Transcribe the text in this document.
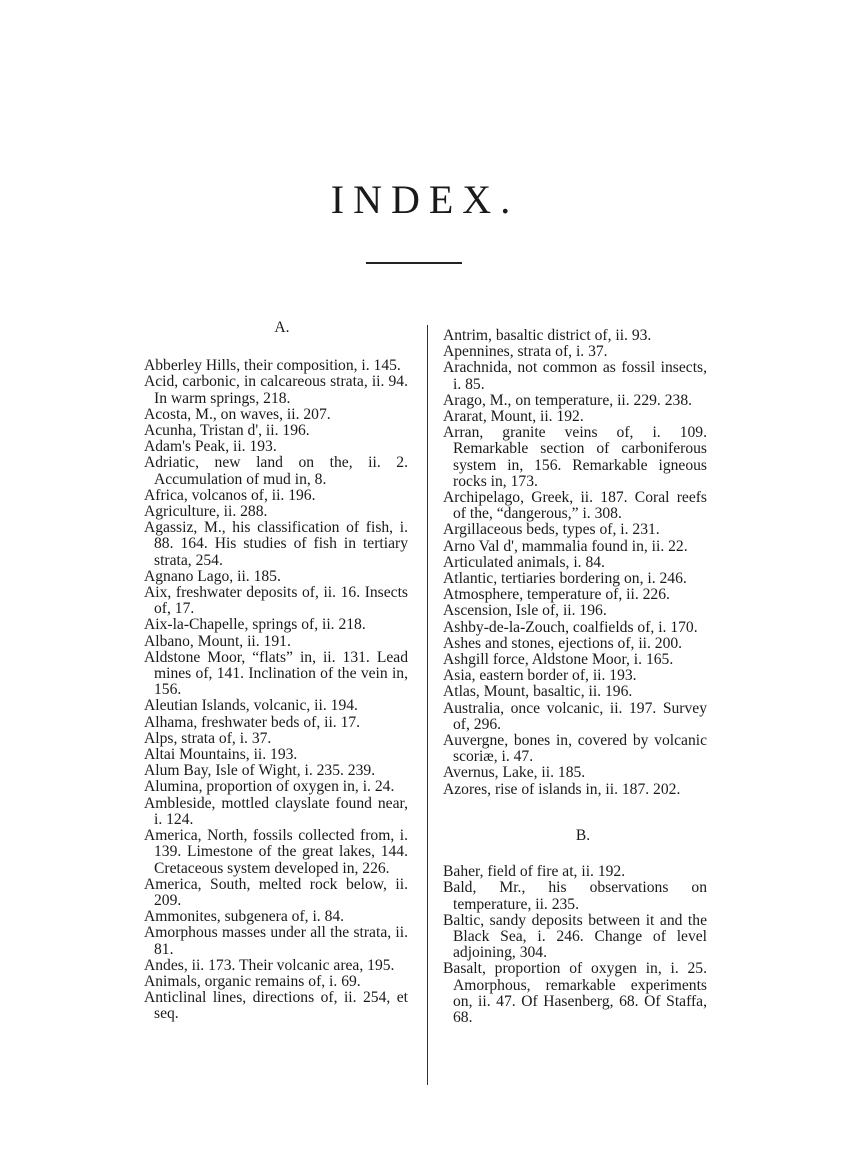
INDEX.
A.
Abberley Hills, their composition, i. 145.
Acid, carbonic, in calcareous strata, ii. 94. In warm springs, 218.
Acosta, M., on waves, ii. 207.
Acunha, Tristan d', ii. 196.
Adam's Peak, ii. 193.
Adriatic, new land on the, ii. 2. Accumulation of mud in, 8.
Africa, volcanos of, ii. 196.
Agriculture, ii. 288.
Agassiz, M., his classification of fish, i. 88. 164. His studies of fish in tertiary strata, 254.
Agnano Lago, ii. 185.
Aix, freshwater deposits of, ii. 16. Insects of, 17.
Aix-la-Chapelle, springs of, ii. 218.
Albano, Mount, ii. 191.
Aldstone Moor, “flats” in, ii. 131. Lead mines of, 141. Inclination of the vein in, 156.
Aleutian Islands, volcanic, ii. 194.
Alhama, freshwater beds of, ii. 17.
Alps, strata of, i. 37.
Altai Mountains, ii. 193.
Alum Bay, Isle of Wight, i. 235. 239.
Alumina, proportion of oxygen in, i. 24.
Ambleside, mottled clayslate found near, i. 124.
America, North, fossils collected from, i. 139. Limestone of the great lakes, 144. Cretaceous system developed in, 226.
America, South, melted rock below, ii. 209.
Ammonites, subgenera of, i. 84.
Amorphous masses under all the strata, ii. 81.
Andes, ii. 173. Their volcanic area, 195.
Animals, organic remains of, i. 69.
Anticlinal lines, directions of, ii. 254, et seq.
Antrim, basaltic district of, ii. 93.
Apennines, strata of, i. 37.
Arachnida, not common as fossil insects, i. 85.
Arago, M., on temperature, ii. 229. 238.
Ararat, Mount, ii. 192.
Arran, granite veins of, i. 109. Remarkable section of carboniferous system in, 156. Remarkable igneous rocks in, 173.
Archipelago, Greek, ii. 187. Coral reefs of the, “dangerous,” i. 308.
Argillaceous beds, types of, i. 231.
Arno Val d', mammalia found in, ii. 22.
Articulated animals, i. 84.
Atlantic, tertiaries bordering on, i. 246.
Atmosphere, temperature of, ii. 226.
Ascension, Isle of, ii. 196.
Ashby-de-la-Zouch, coalfields of, i. 170.
Ashes and stones, ejections of, ii. 200.
Ashgill force, Aldstone Moor, i. 165.
Asia, eastern border of, ii. 193.
Atlas, Mount, basaltic, ii. 196.
Australia, once volcanic, ii. 197. Survey of, 296.
Auvergne, bones in, covered by volcanic scoriæ, i. 47.
Avernus, Lake, ii. 185.
Azores, rise of islands in, ii. 187. 202.
B.
Baher, field of fire at, ii. 192.
Bald, Mr., his observations on temperature, ii. 235.
Baltic, sandy deposits between it and the Black Sea, i. 246. Change of level adjoining, 304.
Basalt, proportion of oxygen in, i. 25. Amorphous, remarkable experiments on, ii. 47. Of Hasenberg, 68. Of Staffa, 68.
